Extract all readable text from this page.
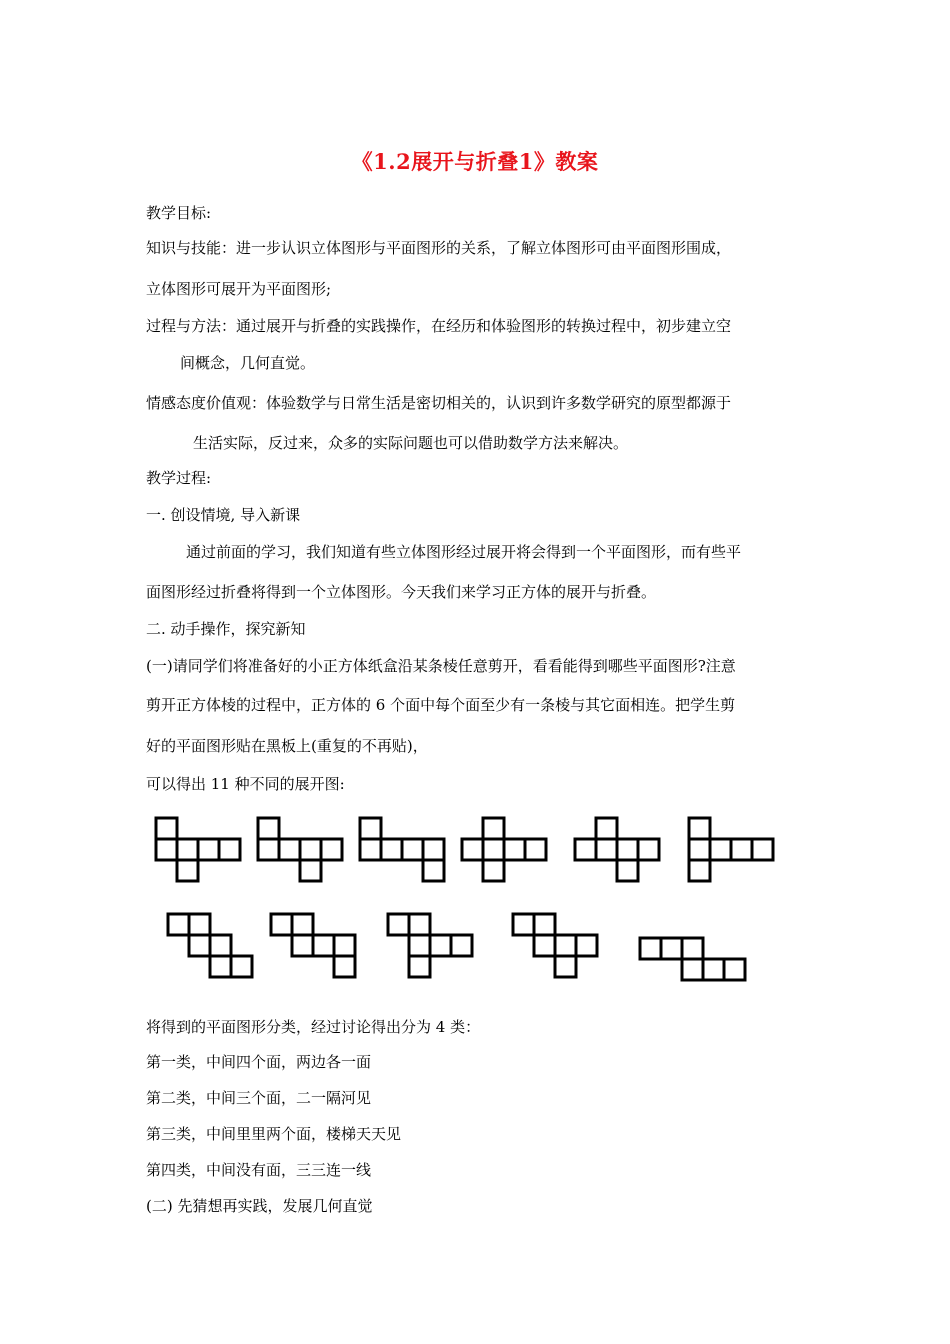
《1.2展开与折叠1》教案
教学目标:
知识与技能：进一步认识立体图形与平面图形的关系，了解立体图形可由平面图形围成，
立体图形可展开为平面图形;
过程与方法：通过展开与折叠的实践操作，在经历和体验图形的转换过程中，初步建立空
间概念，几何直觉。
情感态度价值观：体验数学与日常生活是密切相关的，认识到许多数学研究的原型都源于
生活实际，反过来，众多的实际问题也可以借助数学方法来解决。
教学过程:
一. 创设情境, 导入新课
通过前面的学习，我们知道有些立体图形经过展开将会得到一个平面图形，而有些平
面图形经过折叠将得到一个立体图形。今天我们来学习正方体的展开与折叠。
二. 动手操作，探究新知
(一)请同学们将准备好的小正方体纸盒沿某条棱任意剪开，看看能得到哪些平面图形?注意
剪开正方体棱的过程中，正方体的 6 个面中每个面至少有一条棱与其它面相连。把学生剪
好的平面图形贴在黑板上(重复的不再贴)，
可以得出 11 种不同的展开图:
将得到的平面图形分类，经过讨论得出分为 4 类：
第一类，中间四个面，两边各一面
第二类，中间三个面，二一隔河见
第三类，中间里里两个面，楼梯天天见
第四类，中间没有面，三三连一线
(二) 先猜想再实践，发展几何直觉
